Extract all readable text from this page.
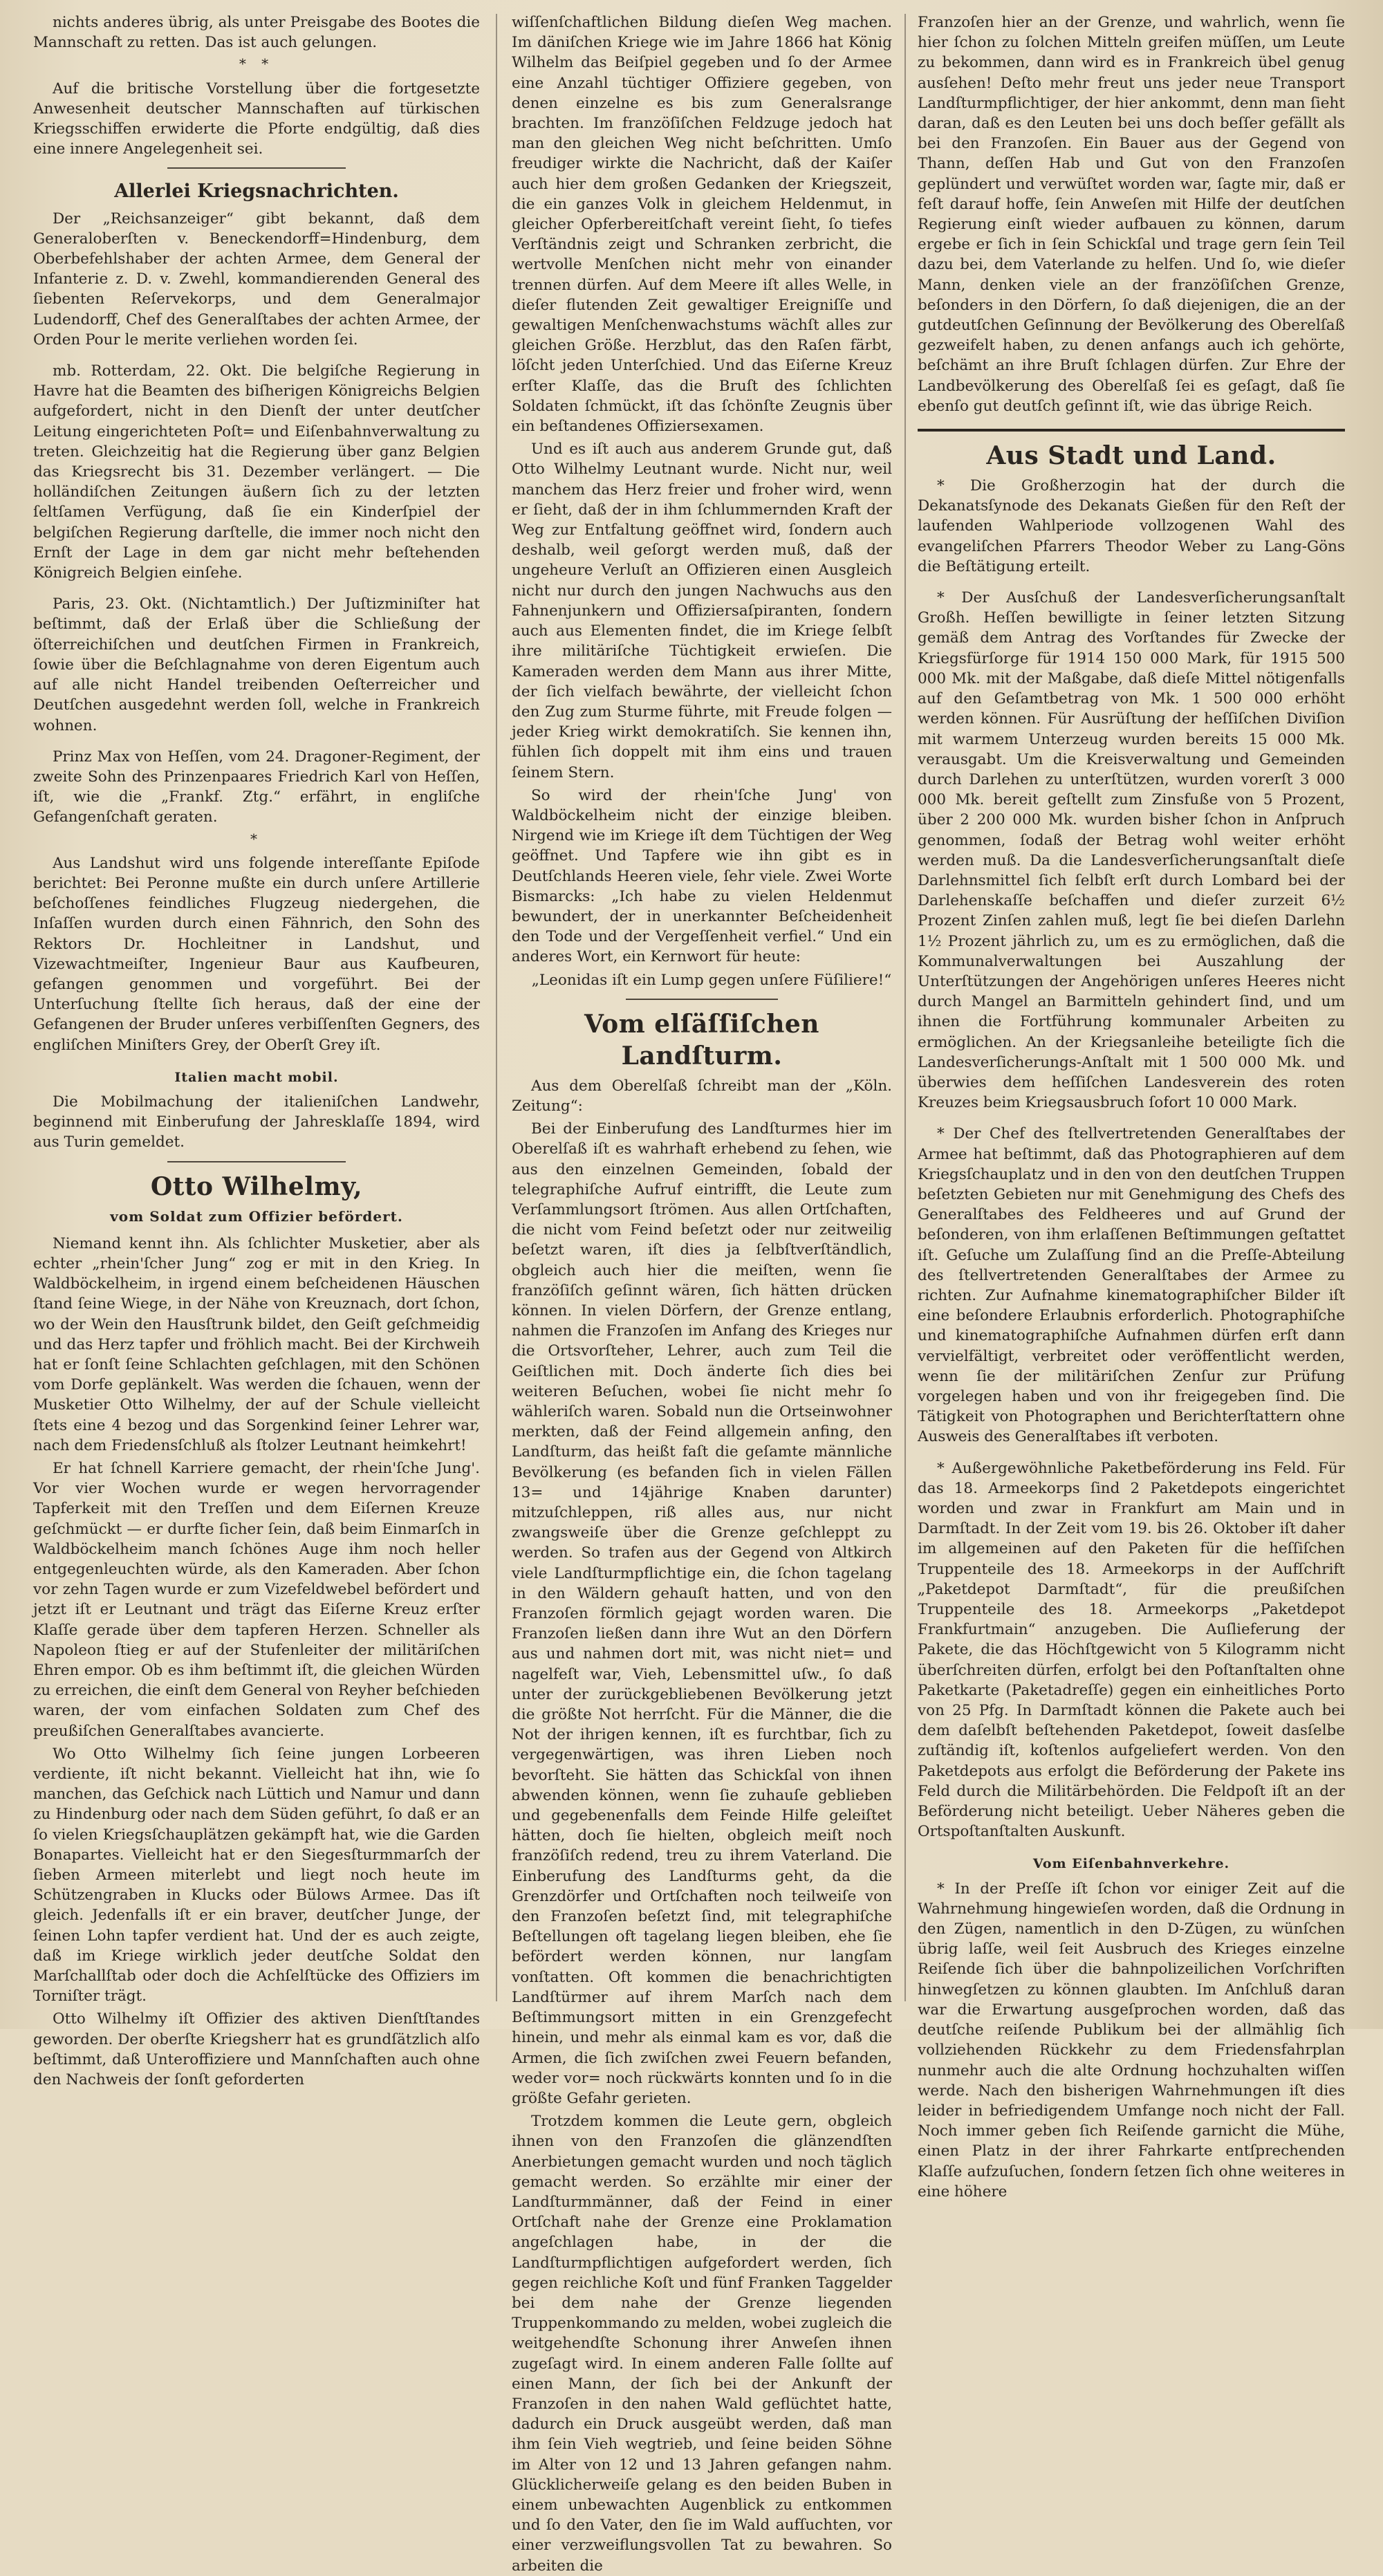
nichts anderes übrig, als unter Preisgabe des Bootes die Mannschaft zu retten. Das ist auch gelungen.

* *

Auf die britische Vorstellung über die fortgesetzte Anwesenheit deutscher Mannschaften auf türkischen Kriegsschiffen erwiderte die Pforte endgültig, daß dies eine innere Angelegenheit sei.

Allerlei Kriegsnachrichten.

Der „Reichsanzeiger“ gibt bekannt, daß dem Generaloberſten v. Beneckendorff=Hindenburg, dem Oberbefehlshaber der achten Armee, dem General der Infanterie z. D. v. Zwehl, kommandierenden General des ſiebenten Reſervekorps, und dem Generalmajor Ludendorff, Chef des Generalſtabes der achten Armee, der Orden Pour le merite verliehen worden ſei.

mb. Rotterdam, 22. Okt. Die belgiſche Regierung in Havre hat die Beamten des biſherigen Königreichs Belgien aufgefordert, nicht in den Dienſt der unter deutſcher Leitung eingerichteten Poſt= und Eiſenbahnverwaltung zu treten. Gleichzeitig hat die Regierung über ganz Belgien das Kriegsrecht bis 31. Dezember verlängert. — Die holländiſchen Zeitungen äußern ſich zu der letzten ſeltſamen Verfügung, daß ſie ein Kinderſpiel der belgiſchen Regierung darſtelle, die immer noch nicht den Ernſt der Lage in dem gar nicht mehr beſtehenden Königreich Belgien einſehe.

Paris, 23. Okt. (Nichtamtlich.) Der Juſtizminiſter hat beſtimmt, daß der Erlaß über die Schließung der öſterreichiſchen und deutſchen Firmen in Frankreich, ſowie über die Beſchlagnahme von deren Eigentum auch auf alle nicht Handel treibenden Oeſterreicher und Deutſchen ausgedehnt werden ſoll, welche in Frankreich wohnen.

Prinz Max von Heſſen, vom 24. Dragoner-Regiment, der zweite Sohn des Prinzenpaares Friedrich Karl von Heſſen, iſt, wie die „Frankf. Ztg.“ erfährt, in engliſche Gefangenſchaft geraten.

*

Aus Landshut wird uns folgende intereſſante Epiſode berichtet: Bei Peronne mußte ein durch unſere Artillerie beſchoſſenes feindliches Flugzeug niedergehen, die Inſaſſen wurden durch einen Fähnrich, den Sohn des Rektors Dr. Hochleitner in Landshut, und Vizewachtmeiſter, Ingenieur Baur aus Kaufbeuren, gefangen genommen und vorgeführt. Bei der Unterſuchung ſtellte ſich heraus, daß der eine der Gefangenen der Bruder unſeres verbiſſenſten Gegners, des engliſchen Miniſters Grey, der Oberſt Grey iſt.

Italien macht mobil.

Die Mobilmachung der italieniſchen Landwehr, beginnend mit Einberufung der Jahresklaſſe 1894, wird aus Turin gemeldet.

Otto Wilhelmy,
vom Soldat zum Offizier befördert.

Niemand kennt ihn. Als ſchlichter Musketier, aber als echter „rhein'ſcher Jung“ zog er mit in den Krieg. In Waldböckelheim, in irgend einem beſcheidenen Häuschen ſtand ſeine Wiege, in der Nähe von Kreuznach, dort ſchon, wo der Wein den Hausſtrunk bildet, den Geiſt geſchmeidig und das Herz tapfer und fröhlich macht. Bei der Kirchweih hat er ſonſt ſeine Schlachten geſchlagen, mit den Schönen vom Dorfe geplänkelt. Was werden die ſchauen, wenn der Musketier Otto Wilhelmy, der auf der Schule vielleicht ſtets eine 4 bezog und das Sorgenkind ſeiner Lehrer war, nach dem Friedensſchluß als ſtolzer Leutnant heimkehrt!

Er hat ſchnell Karriere gemacht, der rhein'ſche Jung'. Vor vier Wochen wurde er wegen hervorragender Tapferkeit mit den Treſſen und dem Eiſernen Kreuze geſchmückt — er durfte ſicher ſein, daß beim Einmarſch in Waldböckelheim manch ſchönes Auge ihm noch heller entgegenleuchten würde, als den Kameraden. Aber ſchon vor zehn Tagen wurde er zum Vizefeldwebel befördert und jetzt iſt er Leutnant und trägt das Eiſerne Kreuz erſter Klaſſe gerade über dem tapferen Herzen. Schneller als Napoleon ſtieg er auf der Stufenleiter der militäriſchen Ehren empor. Ob es ihm beſtimmt iſt, die gleichen Würden zu erreichen, die einſt dem General von Reyher beſchieden waren, der vom einfachen Soldaten zum Chef des preußiſchen Generalſtabes avancierte.

Wo Otto Wilhelmy ſich ſeine jungen Lorbeeren verdiente, iſt nicht bekannt. Vielleicht hat ihn, wie ſo manchen, das Geſchick nach Lüttich und Namur und dann zu Hindenburg oder nach dem Süden geführt, ſo daß er an ſo vielen Kriegsſchauplätzen gekämpft hat, wie die Garden Bonapartes. Vielleicht hat er den Siegesſturmmarſch der ſieben Armeen miterlebt und liegt noch heute im Schützengraben in Klucks oder Bülows Armee. Das iſt gleich. Jedenfalls iſt er ein braver, deutſcher Junge, der ſeinen Lohn tapfer verdient hat. Und der es auch zeigte, daß im Kriege wirklich jeder deutſche Soldat den Marſchallſtab oder doch die Achſelſtücke des Offiziers im Torniſter trägt.

Otto Wilhelmy iſt Offizier des aktiven Dienſtſtandes geworden. Der oberſte Kriegsherr hat es grundſätzlich alſo beſtimmt, daß Unteroffiziere und Mannſchaften auch ohne den Nachweis der ſonſt geforderten

wiſſenſchaftlichen Bildung dieſen Weg machen. Im däniſchen Kriege wie im Jahre 1866 hat König Wilhelm das Beiſpiel gegeben und ſo der Armee eine Anzahl tüchtiger Offiziere gegeben, von denen einzelne es bis zum Generalsrange brachten. Im franzöſiſchen Feldzuge jedoch hat man den gleichen Weg nicht beſchritten. Umſo freudiger wirkte die Nachricht, daß der Kaiſer auch hier dem großen Gedanken der Kriegszeit, die ein ganzes Volk in gleichem Heldenmut, in gleicher Opferbereitſchaft vereint ſieht, ſo tiefes Verſtändnis zeigt und Schranken zerbricht, die wertvolle Menſchen nicht mehr von einander trennen dürfen. Auf dem Meere iſt alles Welle, in dieſer flutenden Zeit gewaltiger Ereigniſſe und gewaltigen Menſchenwachstums wächſt alles zur gleichen Größe. Herzblut, das den Raſen färbt, löſcht jeden Unterſchied. Und das Eiſerne Kreuz erſter Klaſſe, das die Bruſt des ſchlichten Soldaten ſchmückt, iſt das ſchönſte Zeugnis über ein beſtandenes Offiziersexamen.

Und es iſt auch aus anderem Grunde gut, daß Otto Wilhelmy Leutnant wurde. Nicht nur, weil manchem das Herz freier und froher wird, wenn er ſieht, daß der in ihm ſchlummernden Kraft der Weg zur Entfaltung geöffnet wird, ſondern auch deshalb, weil geſorgt werden muß, daß der ungeheure Verluſt an Offizieren einen Ausgleich nicht nur durch den jungen Nachwuchs aus den Fahnenjunkern und Offiziersaſpiranten, ſondern auch aus Elementen findet, die im Kriege ſelbſt ihre militäriſche Tüchtigkeit erwieſen. Die Kameraden werden dem Mann aus ihrer Mitte, der ſich vielfach bewährte, der vielleicht ſchon den Zug zum Sturme führte, mit Freude folgen — jeder Krieg wirkt demokratiſch. Sie kennen ihn, fühlen ſich doppelt mit ihm eins und trauen ſeinem Stern.

So wird der rhein'ſche Jung' von Waldböckelheim nicht der einzige bleiben. Nirgend wie im Kriege iſt dem Tüchtigen der Weg geöffnet. Und Tapfere wie ihn gibt es in Deutſchlands Heeren viele, ſehr viele. Zwei Worte Bismarcks: „Ich habe zu vielen Heldenmut bewundert, der in unerkannter Beſcheidenheit den Tode und der Vergeſſenheit verfiel.“ Und ein anderes Wort, ein Kernwort für heute:

„Leonidas iſt ein Lump gegen unſere Füſiliere!“

Vom elſäſſiſchen Landſturm.

Aus dem Oberelſaß ſchreibt man der „Köln. Zeitung“:

Bei der Einberufung des Landſturmes hier im Oberelſaß iſt es wahrhaft erhebend zu ſehen, wie aus den einzelnen Gemeinden, ſobald der telegraphiſche Aufruf eintrifft, die Leute zum Verſammlungsort ſtrömen. Aus allen Ortſchaften, die nicht vom Feind beſetzt oder nur zeitweilig beſetzt waren, iſt dies ja ſelbſtverſtändlich, obgleich auch hier die meiſten, wenn ſie franzöſiſch geſinnt wären, ſich hätten drücken können. In vielen Dörfern, der Grenze entlang, nahmen die Franzoſen im Anfang des Krieges nur die Ortsvorſteher, Lehrer, auch zum Teil die Geiſtlichen mit. Doch änderte ſich dies bei weiteren Beſuchen, wobei ſie nicht mehr ſo wähleriſch waren. Sobald nun die Ortseinwohner merkten, daß der Feind allgemein anfing, den Landſturm, das heißt faſt die geſamte männliche Bevölkerung (es befanden ſich in vielen Fällen 13= und 14jährige Knaben darunter) mitzuſchleppen, riß alles aus, nur nicht zwangsweiſe über die Grenze geſchleppt zu werden. So trafen aus der Gegend von Altkirch viele Landſturmpflichtige ein, die ſchon tagelang in den Wäldern gehauſt hatten, und von den Franzoſen förmlich gejagt worden waren. Die Franzoſen ließen dann ihre Wut an den Dörfern aus und nahmen dort mit, was nicht niet= und nagelfeſt war, Vieh, Lebensmittel uſw., ſo daß unter der zurückgebliebenen Bevölkerung jetzt die größte Not herrſcht. Für die Männer, die die Not der ihrigen kennen, iſt es furchtbar, ſich zu vergegenwärtigen, was ihren Lieben noch bevorſteht. Sie hätten das Schickſal von ihnen abwenden können, wenn ſie zuhauſe geblieben und gegebenenfalls dem Feinde Hilfe geleiſtet hätten, doch ſie hielten, obgleich meiſt noch franzöſiſch redend, treu zu ihrem Vaterland. Die Einberufung des Landſturms geht, da die Grenzdörfer und Ortſchaften noch teilweiſe von den Franzoſen beſetzt ſind, mit telegraphiſche Beſtellungen oft tagelang liegen bleiben, ehe ſie befördert werden können, nur langſam vonſtatten. Oft kommen die benachrichtigten Landſtürmer auf ihrem Marſch nach dem Beſtimmungsort mitten in ein Grenzgefecht hinein, und mehr als einmal kam es vor, daß die Armen, die ſich zwiſchen zwei Feuern befanden, weder vor= noch rückwärts konnten und ſo in die größte Gefahr gerieten.

Trotzdem kommen die Leute gern, obgleich ihnen von den Franzoſen die glänzendſten Anerbietungen gemacht wurden und noch täglich gemacht werden. So erzählte mir einer der Landſturmmänner, daß der Feind in einer Ortſchaft nahe der Grenze eine Proklamation angeſchlagen habe, in der die Landſturmpflichtigen aufgefordert werden, ſich gegen reichliche Koſt und fünf Franken Taggelder bei dem nahe der Grenze liegenden Truppenkommando zu melden, wobei zugleich die weitgehendſte Schonung ihrer Anweſen ihnen zugeſagt wird. In einem anderen Falle ſollte auf einen Mann, der ſich bei der Ankunft der Franzoſen in den nahen Wald geflüchtet hatte, dadurch ein Druck ausgeübt werden, daß man ihm ſein Vieh wegtrieb, und ſeine beiden Söhne im Alter von 12 und 13 Jahren gefangen nahm. Glücklicherweiſe gelang es den beiden Buben in einem unbewachten Augenblick zu entkommen und ſo den Vater, den ſie im Wald aufſuchten, vor einer verzweiflungsvollen Tat zu bewahren. So arbeiten die

Franzoſen hier an der Grenze, und wahrlich, wenn ſie hier ſchon zu ſolchen Mitteln greifen müſſen, um Leute zu bekommen, dann wird es in Frankreich übel genug ausſehen! Deſto mehr freut uns jeder neue Transport Landſturmpflichtiger, der hier ankommt, denn man ſieht daran, daß es den Leuten bei uns doch beſſer gefällt als bei den Franzoſen. Ein Bauer aus der Gegend von Thann, deſſen Hab und Gut von den Franzoſen geplündert und verwüſtet worden war, ſagte mir, daß er feſt darauf hoffe, ſein Anweſen mit Hilfe der deutſchen Regierung einſt wieder aufbauen zu können, darum ergebe er ſich in ſein Schickſal und trage gern ſein Teil dazu bei, dem Vaterlande zu helfen. Und ſo, wie dieſer Mann, denken viele an der franzöſiſchen Grenze, beſonders in den Dörfern, ſo daß diejenigen, die an der gutdeutſchen Geſinnung der Bevölkerung des Oberelſaß gezweifelt haben, zu denen anfangs auch ich gehörte, beſchämt an ihre Bruſt ſchlagen dürfen. Zur Ehre der Landbevölkerung des Oberelſaß ſei es geſagt, daß ſie ebenſo gut deutſch geſinnt iſt, wie das übrige Reich.

Aus Stadt und Land.

* Die Großherzogin hat der durch die Dekanatsſynode des Dekanats Gießen für den Reſt der laufenden Wahlperiode vollzogenen Wahl des evangeliſchen Pfarrers Theodor Weber zu Lang-Göns die Beſtätigung erteilt.

* Der Ausſchuß der Landesverſicherungsanſtalt Großh. Heſſen bewilligte in ſeiner letzten Sitzung gemäß dem Antrag des Vorſtandes für Zwecke der Kriegsfürſorge für 1914 150 000 Mark, für 1915 500 000 Mk. mit der Maßgabe, daß dieſe Mittel nötigenfalls auf den Geſamtbetrag von Mk. 1 500 000 erhöht werden können. Für Ausrüſtung der heſſiſchen Diviſion mit warmem Unterzeug wurden bereits 15 000 Mk. verausgabt. Um die Kreisverwaltung und Gemeinden durch Darlehen zu unterſtützen, wurden vorerſt 3 000 000 Mk. bereit geſtellt zum Zinsfuße von 5 Prozent, über 2 200 000 Mk. wurden bisher ſchon in Anſpruch genommen, ſodaß der Betrag wohl weiter erhöht werden muß. Da die Landesverſicherungsanſtalt dieſe Darlehnsmittel ſich ſelbſt erſt durch Lombard bei der Darlehenskaſſe beſchaffen und dieſer zurzeit 6½ Prozent Zinſen zahlen muß, legt ſie bei dieſen Darlehn 1½ Prozent jährlich zu, um es zu ermöglichen, daß die Kommunalverwaltungen bei Auszahlung der Unterſtützungen der Angehörigen unſeres Heeres nicht durch Mangel an Barmitteln gehindert ſind, und um ihnen die Fortführung kommunaler Arbeiten zu ermöglichen. An der Kriegsanleihe beteiligte ſich die Landesverſicherungs-Anſtalt mit 1 500 000 Mk. und überwies dem heſſiſchen Landesverein des roten Kreuzes beim Kriegsausbruch ſofort 10 000 Mark.

* Der Chef des ſtellvertretenden Generalſtabes der Armee hat beſtimmt, daß das Photographieren auf dem Kriegsſchauplatz und in den von den deutſchen Truppen beſetzten Gebieten nur mit Genehmigung des Chefs des Generalſtabes des Feldheeres und auf Grund der beſonderen, von ihm erlaſſenen Beſtimmungen geſtattet iſt. Geſuche um Zulaſſung ſind an die Preſſe-Abteilung des ſtellvertretenden Generalſtabes der Armee zu richten. Zur Aufnahme kinematographiſcher Bilder iſt eine beſondere Erlaubnis erforderlich. Photographiſche und kinematographiſche Aufnahmen dürfen erſt dann vervielfältigt, verbreitet oder veröffentlicht werden, wenn ſie der militäriſchen Zenſur zur Prüfung vorgelegen haben und von ihr freigegeben ſind. Die Tätigkeit von Photographen und Berichterſtattern ohne Ausweis des Generalſtabes iſt verboten.

* Außergewöhnliche Paketbeförderung ins Feld. Für das 18. Armeekorps ſind 2 Paketdepots eingerichtet worden und zwar in Frankfurt am Main und in Darmſtadt. In der Zeit vom 19. bis 26. Oktober iſt daher im allgemeinen auf den Paketen für die heſſiſchen Truppenteile des 18. Armeekorps in der Aufſchrift „Paketdepot Darmſtadt“, für die preußiſchen Truppenteile des 18. Armeekorps „Paketdepot Frankfurtmain“ anzugeben. Die Auſlieferung der Pakete, die das Höchſtgewicht von 5 Kilogramm nicht überſchreiten dürfen, erfolgt bei den Poſtanſtalten ohne Paketkarte (Paketadreſſe) gegen ein einheitliches Porto von 25 Pfg. In Darmſtadt können die Pakete auch bei dem daſelbſt beſtehenden Paketdepot, ſoweit dasſelbe zuſtändig iſt, koſtenlos aufgeliefert werden. Von den Paketdepots aus erfolgt die Beförderung der Pakete ins Feld durch die Militärbehörden. Die Feldpoſt iſt an der Beförderung nicht beteiligt. Ueber Näheres geben die Ortspoſtanſtalten Auskunft.

Vom Eiſenbahnverkehre.

* In der Preſſe iſt ſchon vor einiger Zeit auf die Wahrnehmung hingewieſen worden, daß die Ordnung in den Zügen, namentlich in den D-Zügen, zu wünſchen übrig laſſe, weil ſeit Ausbruch des Krieges einzelne Reiſende ſich über die bahnpolizeilichen Vorſchriften hinwegſetzen zu können glaubten. Im Anſchluß daran war die Erwartung ausgeſprochen worden, daß das deutſche reiſende Publikum bei der allmählig ſich vollziehenden Rückkehr zu dem Friedensfahrplan nunmehr auch die alte Ordnung hochzuhalten wiſſen werde. Nach den bisherigen Wahrnehmungen iſt dies leider in befriedigendem Umfange noch nicht der Fall. Noch immer geben ſich Reiſende garnicht die Mühe, einen Platz in der ihrer Fahrkarte entſprechenden Klaſſe aufzuſuchen, ſondern ſetzen ſich ohne weiteres in eine höhere
